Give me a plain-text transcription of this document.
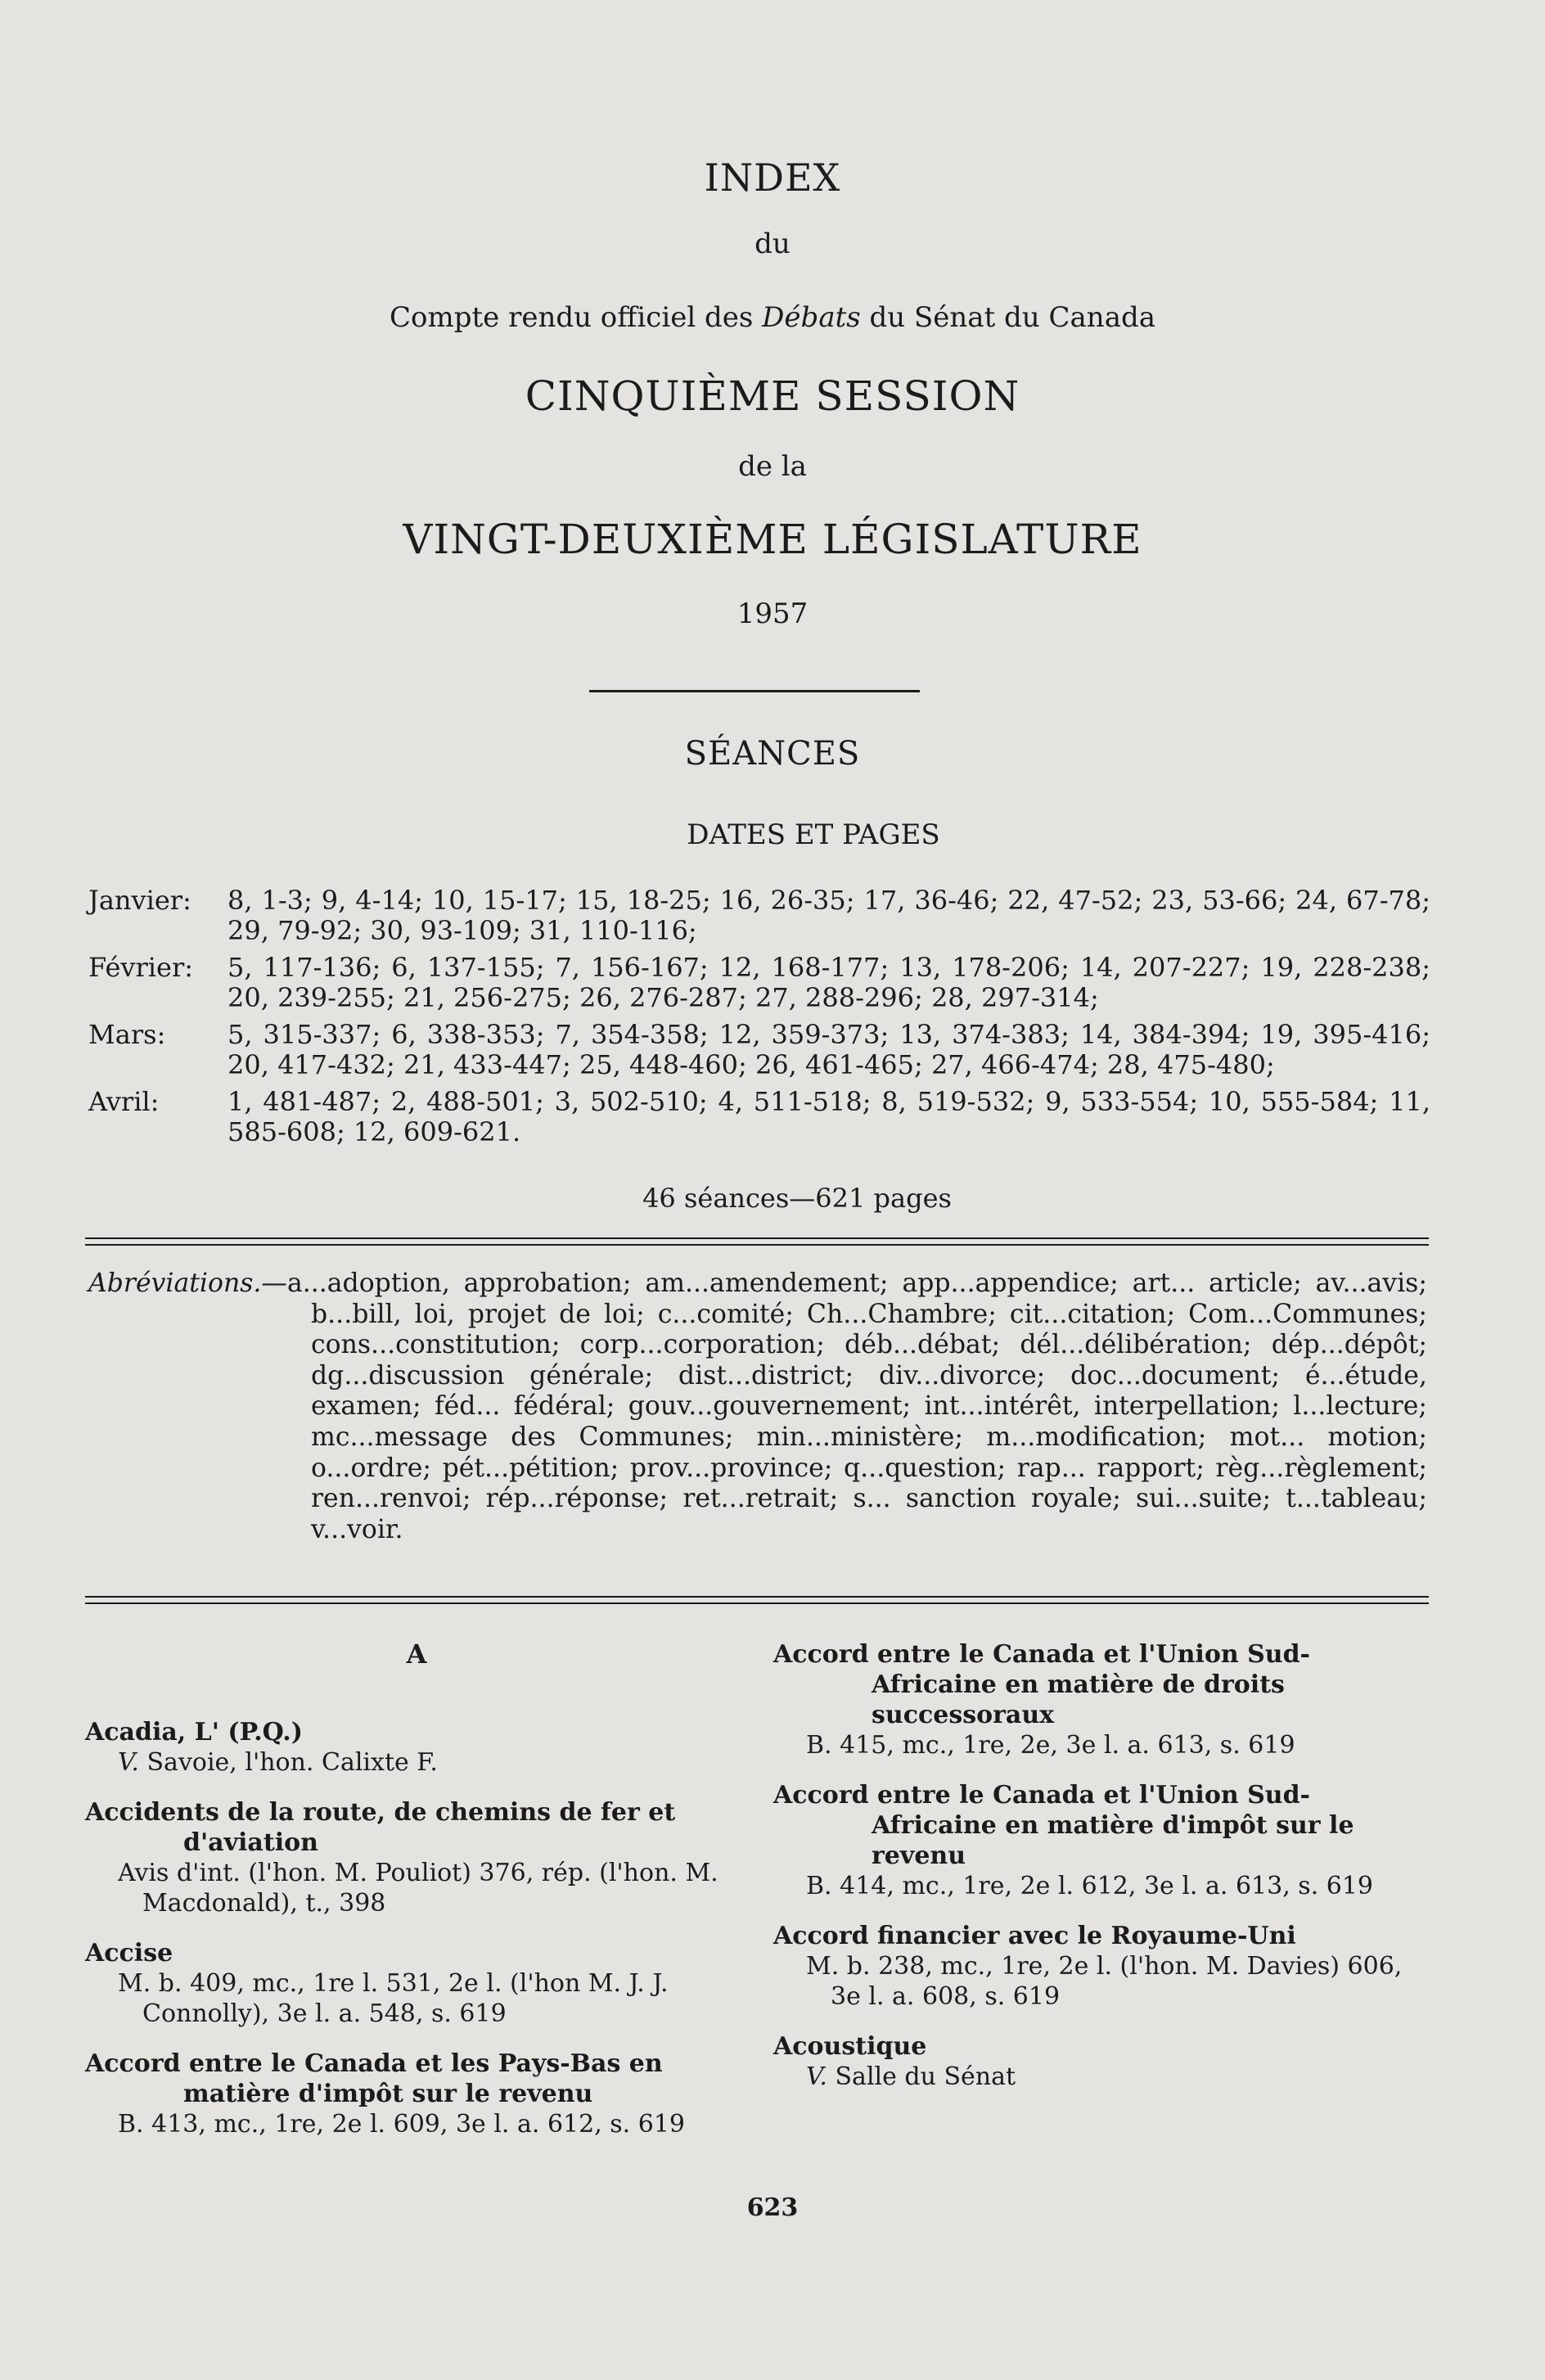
INDEX
du
Compte rendu officiel des Débats du Sénat du Canada
CINQUIÈME SESSION
de la
VINGT-DEUXIÈME LÉGISLATURE
1957
SÉANCES
DATES ET PAGES
Janvier:	8, 1-3; 9, 4-14; 10, 15-17; 15, 18-25; 16, 26-35; 17, 36-46; 22, 47-52; 23, 53-66; 24, 67-78; 29, 79-92; 30, 93-109; 31, 110-116;
Février:	5, 117-136; 6, 137-155; 7, 156-167; 12, 168-177; 13, 178-206; 14, 207-227; 19, 228-238; 20, 239-255; 21, 256-275; 26, 276-287; 27, 288-296; 28, 297-314;
Mars:	5, 315-337; 6, 338-353; 7, 354-358; 12, 359-373; 13, 374-383; 14, 384-394; 19, 395-416; 20, 417-432; 21, 433-447; 25, 448-460; 26, 461-465; 27, 466-474; 28, 475-480;
Avril:	1, 481-487; 2, 488-501; 3, 502-510; 4, 511-518; 8, 519-532; 9, 533-554; 10, 555-584; 11, 585-608; 12, 609-621.
46 séances—621 pages
Abréviations.—a...adoption, approbation ; am...amendement ; app...appendice ; art... article ; av...avis ; b...bill, loi, projet de loi ; c...comité ; Ch...Chambre ; cit...citation ; Com...Communes ; cons...constitution ; corp...corporation ; déb...débat ; dél...délibération ; dép...dépôt ; dg...discussion générale ; dist...district ; div...divorce ; doc...document ; é...étude, examen ; féd... fédéral ; gouv...gouvernement ; int...intérêt, interpellation ; l...lecture ; mc...message des Communes ; min...ministère ; m...modification ; mot... motion ; o...ordre ; pét...pétition ; prov...province ; q...question ; rap... rapport ; règ...règlement ; ren...renvoi ; rép...réponse ; ret...retrait ; s... sanction royale ; sui...suite ; t...tableau ; v...voir .
A
Acadia, L' (P.Q.)
V. Savoie, l'hon. Calixte F.
Accidents de la route, de chemins de fer et d'aviation
Avis d'int. (l'hon. M. Pouliot) 376, rép. (l'hon. M. Macdonald), t., 398
Accise
M. b. 409, mc., 1re l. 531, 2e l. (l'hon M. J. J. Connolly), 3e l. a. 548, s. 619
Accord entre le Canada et les Pays-Bas en matière d'impôt sur le revenu
B. 413, mc., 1re, 2e l. 609, 3e l. a. 612, s. 619
Accord entre le Canada et l'Union Sud-Africaine en matière de droits successoraux
B. 415, mc., 1re, 2e, 3e l. a. 613, s. 619
Accord entre le Canada et l'Union Sud-Africaine en matière d'impôt sur le revenu
B. 414, mc., 1re, 2e l. 612, 3e l. a. 613, s. 619
Accord financier avec le Royaume-Uni
M. b. 238, mc., 1re, 2e l. (l'hon. M. Davies) 606, 3e l. a. 608, s. 619
Acoustique
V. Salle du Sénat
623
